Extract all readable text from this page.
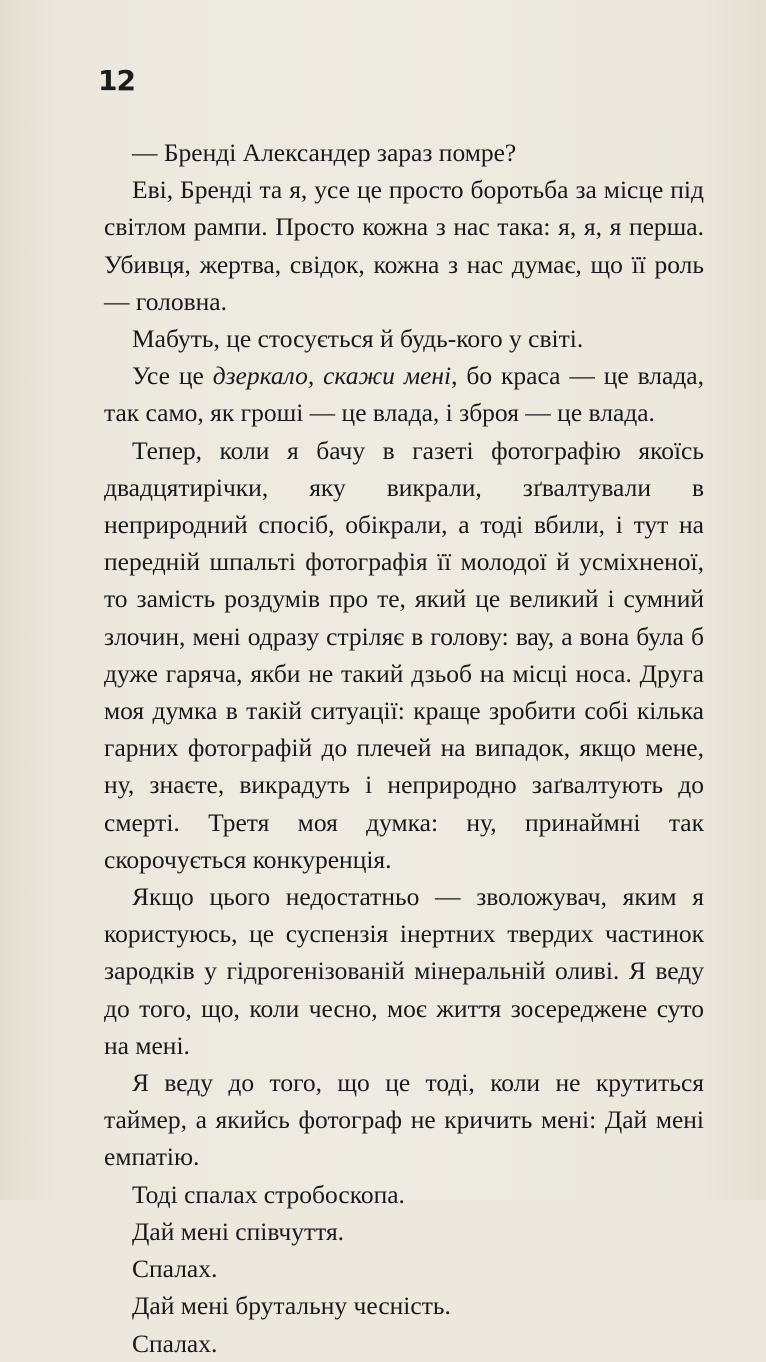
12

— Бренді Александер зараз помре?

Еві, Бренді та я, усе це просто боротьба за місце під світлом рампи. Просто кожна з нас така: я, я, я перша. Убивця, жертва, свідок, кожна з нас думає, що її роль — головна.

Мабуть, це стосується й будь-кого у світі.

Усе це дзеркало, скажи мені, бо краса — це влада, так само, як гроші — це влада, і зброя — це влада.

Тепер, коли я бачу в газеті фотографію якоїсь двадцятирічки, яку викрали, зґвалтували в неприродний спосіб, обікрали, а тоді вбили, і тут на передній шпальті фотографія її молодої й усміхненої, то замість роздумів про те, який це великий і сумний злочин, мені одразу стріляє в голову: вау, а вона була б дуже гаряча, якби не такий дзьоб на місці носа. Друга моя думка в такій ситуації: краще зробити собі кілька гарних фотографій до плечей на випадок, якщо мене, ну, знаєте, викрадуть і неприродно заґвалтують до смерті. Третя моя думка: ну, принаймні так скорочується конкуренція.

Якщо цього недостатньо — зволожувач, яким я користуюсь, це суспензія інертних твердих частинок зародків у гідрогенізованій мінеральній оливі. Я веду до того, що, коли чесно, моє життя зосереджене суто на мені.

Я веду до того, що це тоді, коли не крутиться таймер, а якийсь фотограф не кричить мені: Дай мені емпатію.

Тоді спалах стробоскопа.

Дай мені співчуття.

Спалах.

Дай мені брутальну чесність.

Спалах.
